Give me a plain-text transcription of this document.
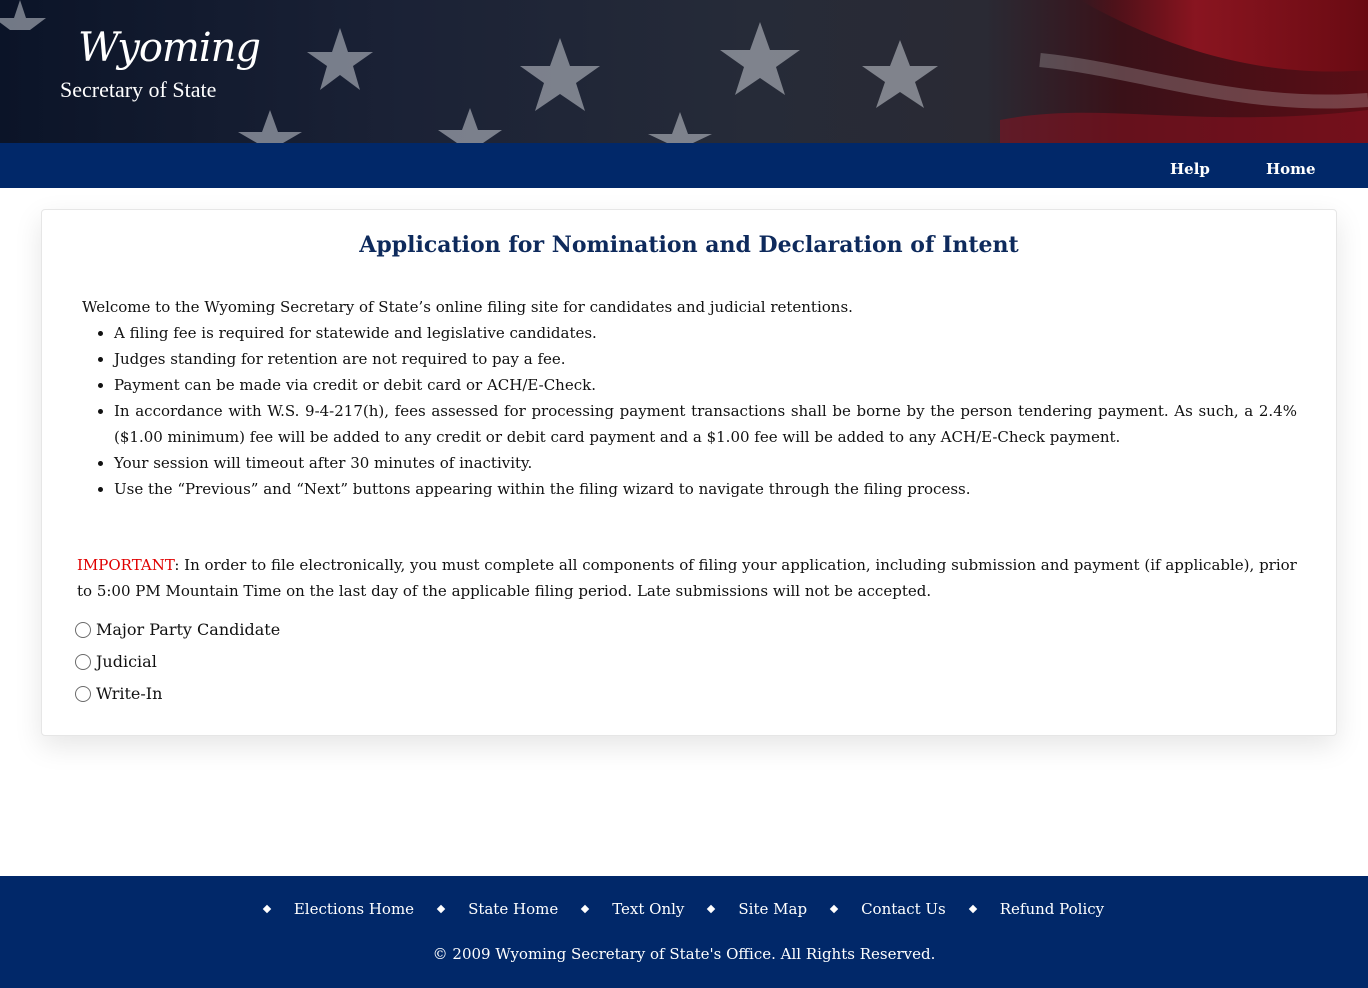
Wyoming
Secretary of State
Help	Home
Application for Nomination and Declaration of Intent
Welcome to the Wyoming Secretary of State’s online filing site for candidates and judicial retentions.
A filing fee is required for statewide and legislative candidates.
Judges standing for retention are not required to pay a fee.
Payment can be made via credit or debit card or ACH/E-Check.
In accordance with W.S. 9-4-217(h), fees assessed for processing payment transactions shall be borne by the person tendering payment. As such, a 2.4% ($1.00 minimum) fee will be added to any credit or debit card payment and a $1.00 fee will be added to any ACH/E-Check payment.
Your session will timeout after 30 minutes of inactivity.
Use the “Previous” and “Next” buttons appearing within the filing wizard to navigate through the filing process.
IMPORTANT: In order to file electronically, you must complete all components of filing your application, including submission and payment (if applicable), prior to 5:00 PM Mountain Time on the last day of the applicable filing period. Late submissions will not be accepted.
Major Party Candidate
Judicial
Write-In
Elections Home	State Home	Text Only	Site Map	Contact Us	Refund Policy
© 2009 Wyoming Secretary of State's Office. All Rights Reserved.
